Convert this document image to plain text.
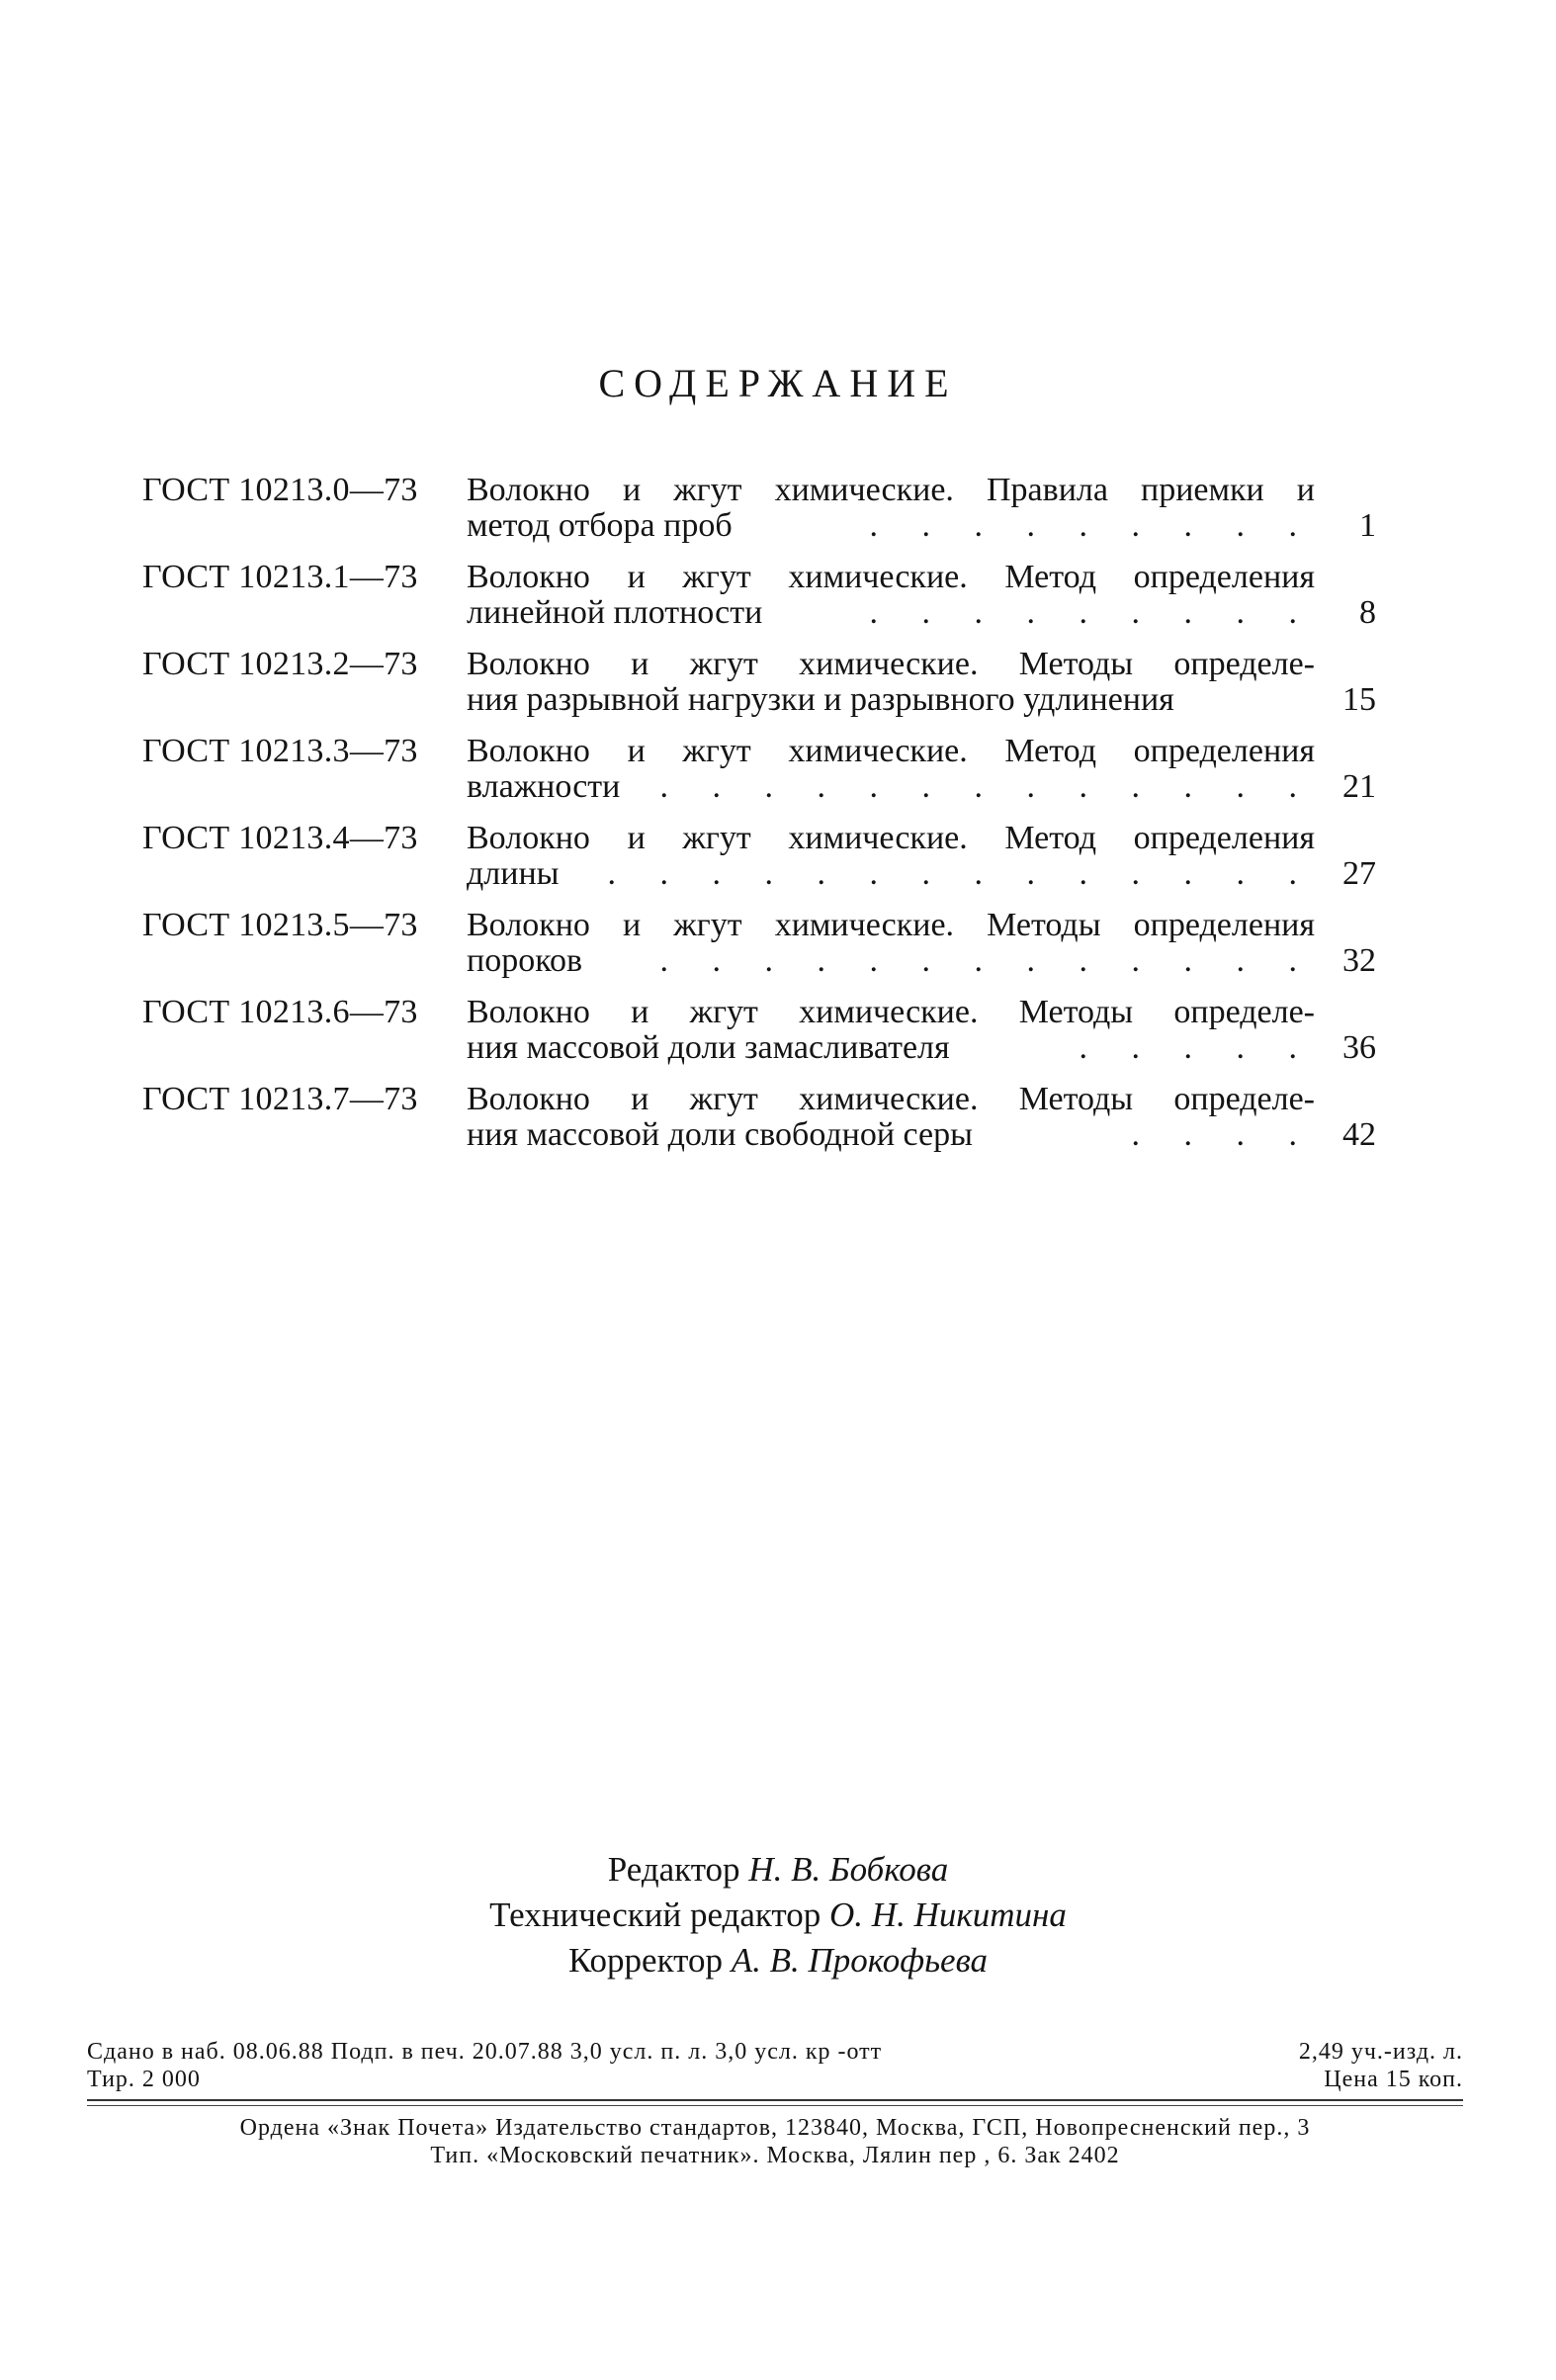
СОДЕРЖАНИЕ
ГОСТ 10213.0—73	Волокно и жгут химические. Правила приемки и
метод отбора проб	. . . . . . . . .	1
ГОСТ 10213.1—73	Волокно и жгут химические. Метод определения
линейной плотности	. . . . . . . . .	8
ГОСТ 10213.2—73	Волокно и жгут химические. Методы определе-
ния разрывной нагрузки и разрывного удлинения	15
ГОСТ 10213.3—73	Волокно и жгут химические. Метод определения
влажности	. . . . . . . . . . . . . 21
ГОСТ 10213.4—73	Волокно и жгут химические. Метод определения
длины	. . . . . . . . . . . . . . 27
ГОСТ 10213.5—73	Волокно и жгут химические. Методы определения
пороков	. . . . . . . . . . . . . 32
ГОСТ 10213.6—73	Волокно и жгут химические. Методы определе-
ния массовой доли замасливателя	. . . . . 36
ГОСТ 10213.7—73	Волокно и жгут химические. Методы определе-
ния массовой доли свободной серы	. . . . 42
Редактор Н. В. Бобкова
Технический редактор О. Н. Никитина
Корректор А. В. Прокофьева
Сдано в наб. 08.06.88 Подп. в печ. 20.07.88 3,0 усл. п. л. 3,0 усл. кр -отт	2,49 уч.-изд. л.
Тир. 2 000	Цена 15 коп.
Ордена «Знак Почета» Издательство стандартов, 123840, Москва, ГСП, Новопресненский пер., 3
Тип. «Московский печатник». Москва, Лялин пер , 6. Зак 2402
